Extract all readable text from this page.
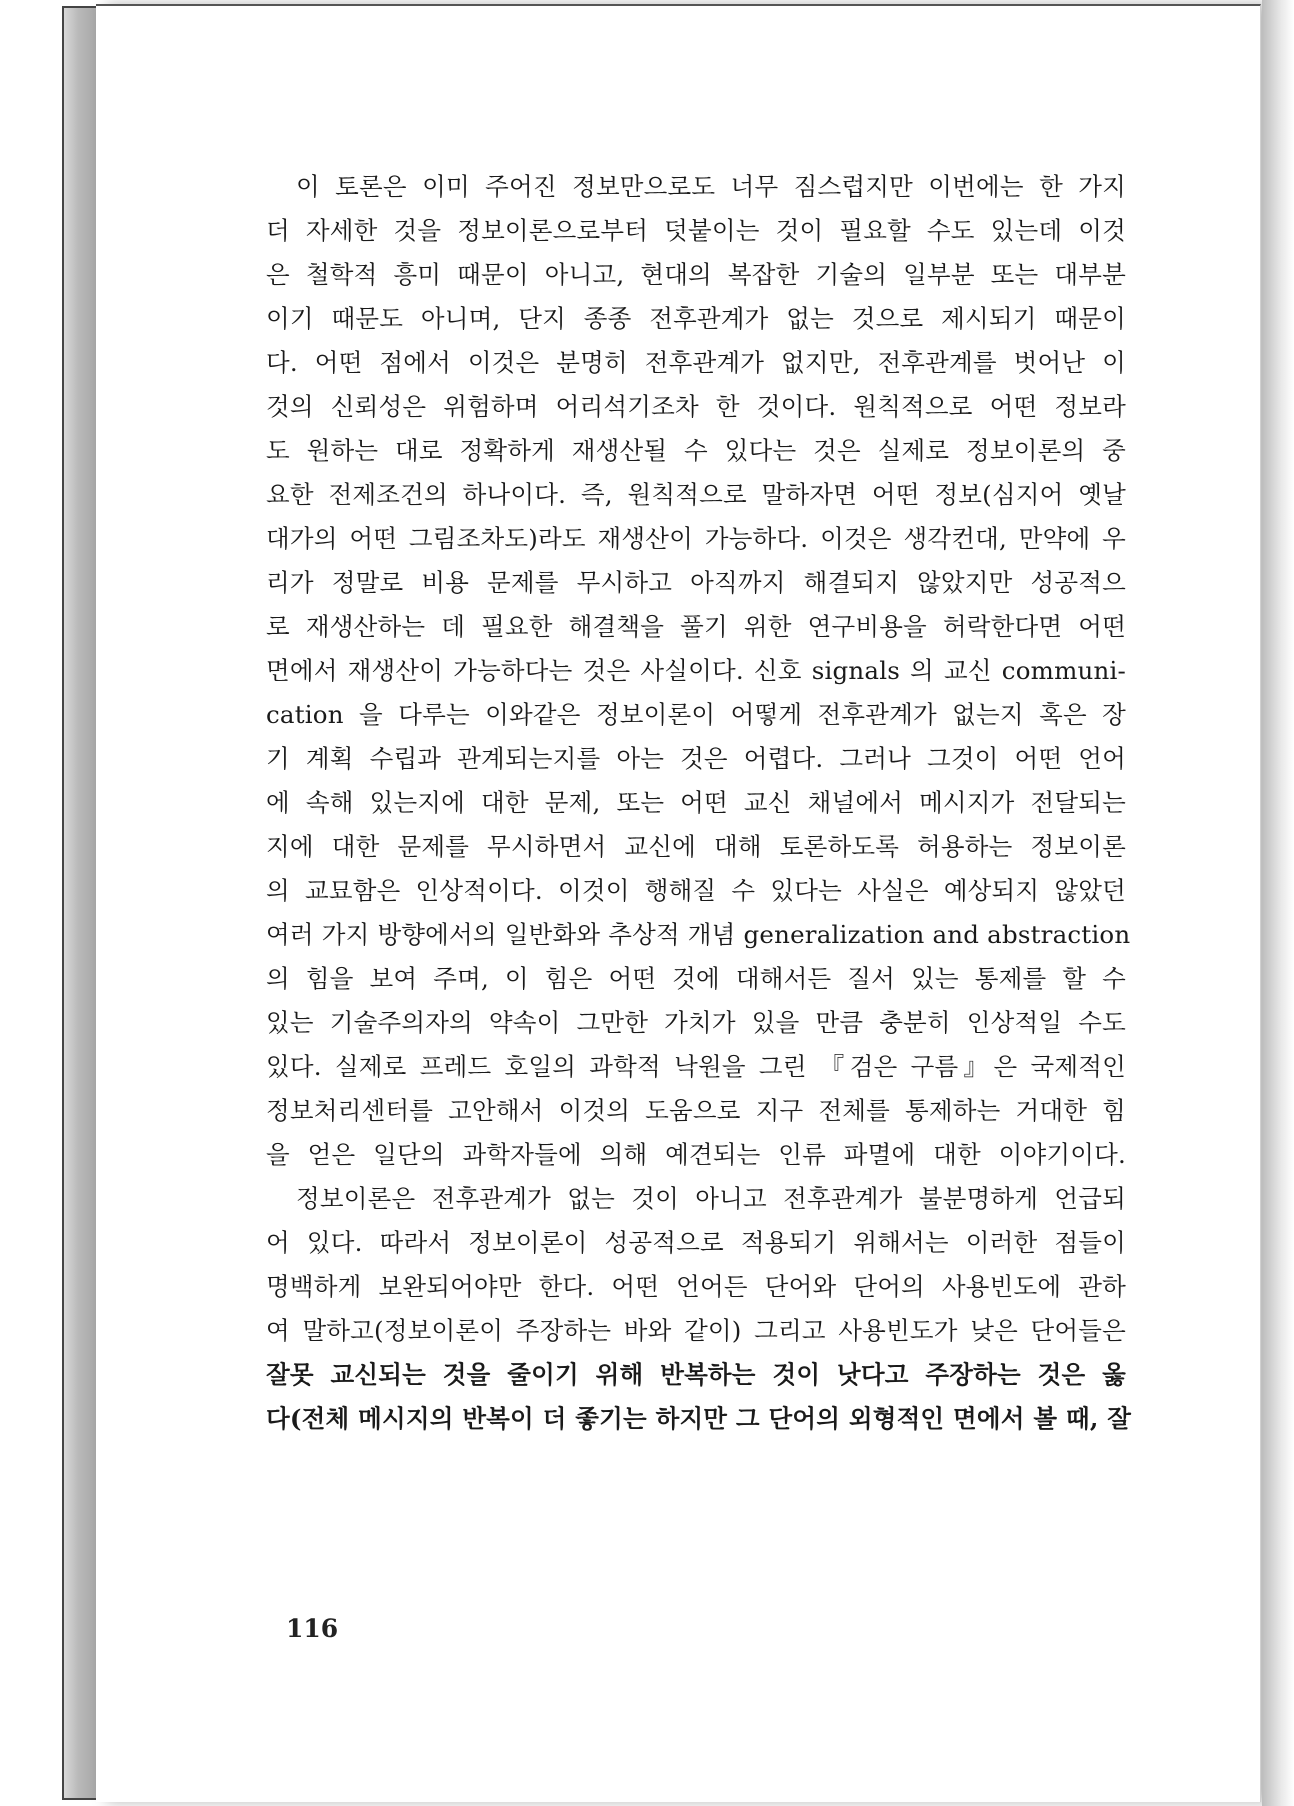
이 토론은 이미 주어진 정보만으로도 너무 짐스럽지만 이번에는 한 가지
더 자세한 것을 정보이론으로부터 덧붙이는 것이 필요할 수도 있는데 이것
은 철학적 흥미 때문이 아니고, 현대의 복잡한 기술의 일부분 또는 대부분
이기 때문도 아니며, 단지 종종 전후관계가 없는 것으로 제시되기 때문이
다. 어떤 점에서 이것은 분명히 전후관계가 없지만, 전후관계를 벗어난 이
것의 신뢰성은 위험하며 어리석기조차 한 것이다. 원칙적으로 어떤 정보라
도 원하는 대로 정확하게 재생산될 수 있다는 것은 실제로 정보이론의 중
요한 전제조건의 하나이다. 즉, 원칙적으로 말하자면 어떤 정보(심지어 옛날
대가의 어떤 그림조차도)라도 재생산이 가능하다. 이것은 생각컨대, 만약에 우
리가 정말로 비용 문제를 무시하고 아직까지 해결되지 않았지만 성공적으
로 재생산하는 데 필요한 해결책을 풀기 위한 연구비용을 허락한다면 어떤
면에서 재생산이 가능하다는 것은 사실이다. 신호 signals 의 교신 communi-
cation 을 다루는 이와같은 정보이론이 어떻게 전후관계가 없는지 혹은 장
기 계획 수립과 관계되는지를 아는 것은 어렵다. 그러나 그것이 어떤 언어
에 속해 있는지에 대한 문제, 또는 어떤 교신 채널에서 메시지가 전달되는
지에 대한 문제를 무시하면서 교신에 대해 토론하도록 허용하는 정보이론
의 교묘함은 인상적이다. 이것이 행해질 수 있다는 사실은 예상되지 않았던
여러 가지 방향에서의 일반화와 추상적 개념 generalization and abstraction
의 힘을 보여 주며, 이 힘은 어떤 것에 대해서든 질서 있는 통제를 할 수
있는 기술주의자의 약속이 그만한 가치가 있을 만큼 충분히 인상적일 수도
있다. 실제로 프레드 호일의 과학적 낙원을 그린 『검은 구름』은 국제적인
정보처리센터를 고안해서 이것의 도움으로 지구 전체를 통제하는 거대한 힘
을 얻은 일단의 과학자들에 의해 예견되는 인류 파멸에 대한 이야기이다.
정보이론은 전후관계가 없는 것이 아니고 전후관계가 불분명하게 언급되
어 있다. 따라서 정보이론이 성공적으로 적용되기 위해서는 이러한 점들이
명백하게 보완되어야만 한다. 어떤 언어든 단어와 단어의 사용빈도에 관하
여 말하고(정보이론이 주장하는 바와 같이) 그리고 사용빈도가 낮은 단어들은
잘못 교신되는 것을 줄이기 위해 반복하는 것이 낫다고 주장하는 것은 옳
다(전체 메시지의 반복이 더 좋기는 하지만 그 단어의 외형적인 면에서 볼 때, 잘
116
